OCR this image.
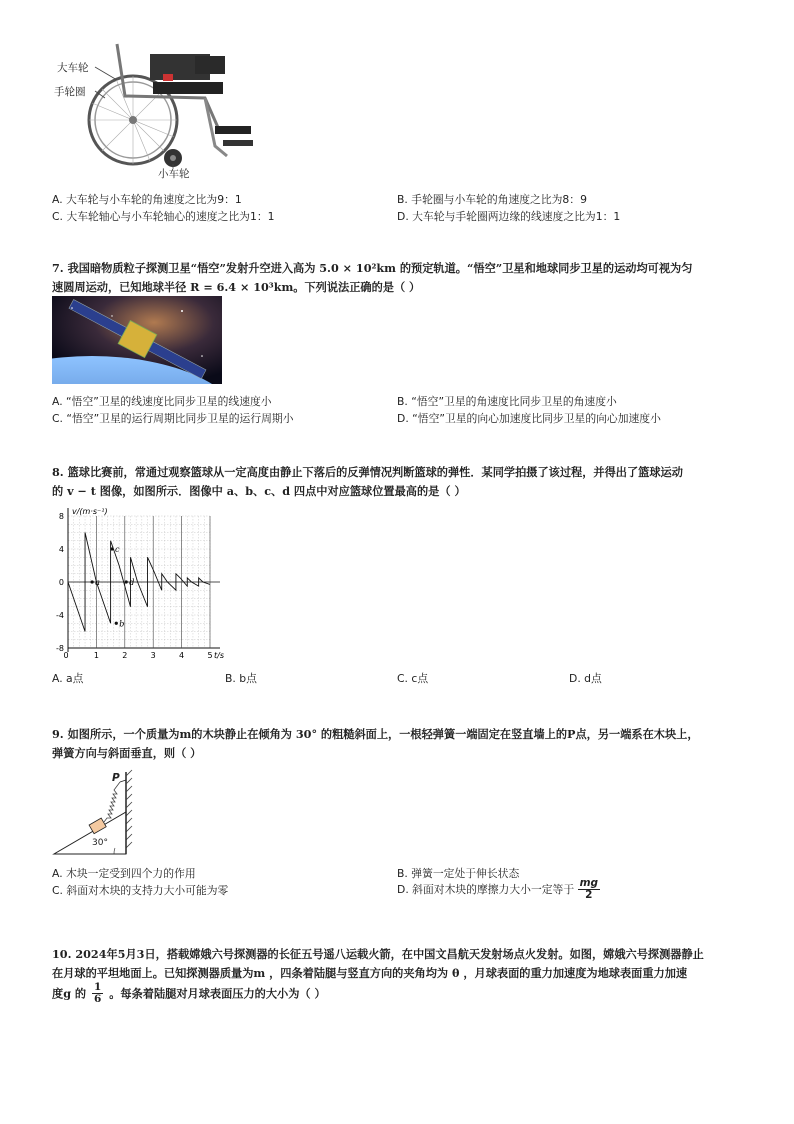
大车轮
手轮圈
小车轮
A. 大车轮与小车轮的角速度之比为9：1	B. 手轮圈与小车轮的角速度之比为8：9
C. 大车轮轴心与小车轮轴心的速度之比为1：1	D. 大车轮与手轮圈两边缘的线速度之比为1：1
7. 我国暗物质粒子探测卫星“悟空”发射升空进入高为 5.0 × 10²km 的预定轨道。“悟空”卫星和地球同步卫星的运动均可视为匀
速圆周运动，已知地球半径 R = 6.4 × 10³km。下列说法正确的是（ ）
A. “悟空”卫星的线速度比同步卫星的线速度小	B. “悟空”卫星的角速度比同步卫星的角速度小
C. “悟空”卫星的运行周期比同步卫星的运行周期小	D. “悟空”卫星的向心加速度比同步卫星的向心加速度小
8. 篮球比赛前，常通过观察篮球从一定高度由静止下落后的反弹情况判断篮球的弹性．某同学拍摄了该过程，并得出了篮球运动
的 v − t 图像，如图所示．图像中 a、b、c、d 四点中对应篮球位置最高的是（ ）
8
4
0
-4
-8
0	1	2	3	4	5
v/(m·s⁻¹)
t/s
a
b
c
d
A. a点	B. b点	C. c点	D. d点
9. 如图所示，一个质量为m的木块静止在倾角为 30° 的粗糙斜面上，一根轻弹簧一端固定在竖直墙上的P点，另一端系在木块上，
弹簧方向与斜面垂直，则（ ）
P
30°
A. 木块一定受到四个力的作用	B. 弹簧一定处于伸长状态
C. 斜面对木块的支持力大小可能为零	D. 斜面对木块的摩擦力大小一定等于 $\frac{mg}{2}$
10. 2024年5月3日，搭载嫦娥六号探测器的长征五号遥八运载火箭，在中国文昌航天发射场点火发射。如图，嫦娥六号探测器静止
在月球的平坦地面上。已知探测器质量为m ，四条着陆腿与竖直方向的夹角均为 θ ，月球表面的重力加速度为地球表面重力加速
度g 的 $\frac{1}{6}$ 。每条着陆腿对月球表面压力的大小为（ ）
